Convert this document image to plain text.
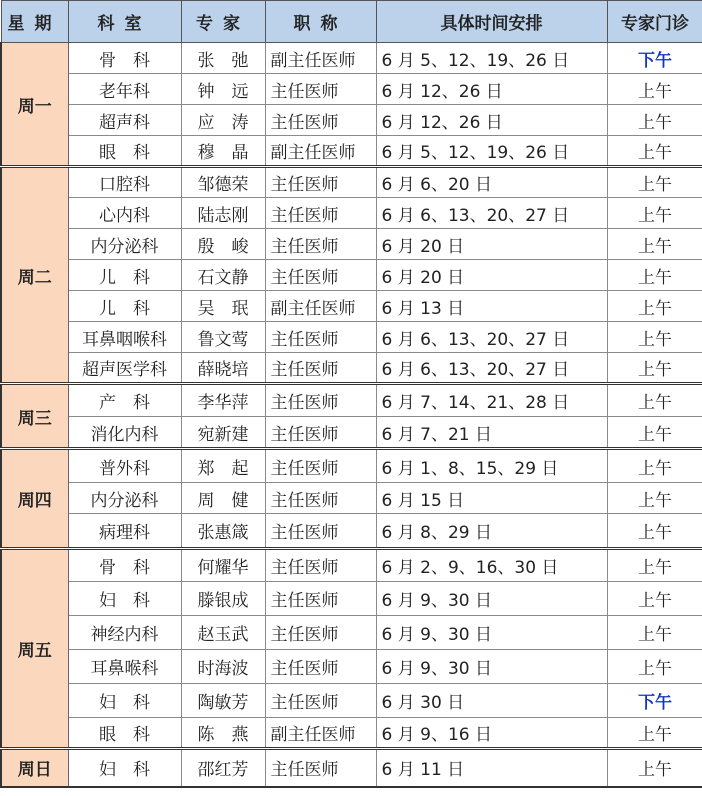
星期	科室	专家	职称	具体时间安排	专家门诊
周一	骨　科	张　弛	副主任医师	6 月 5、12、19、26 日	下午
	老年科	钟　远	主任医师	6 月 12、26 日	上午
	超声科	应　涛	主任医师	6 月 12、26 日	上午
	眼　科	穆　晶	副主任医师	6 月 5、12、19、26 日	上午
周二	口腔科	邹德荣	主任医师	6 月 6、20 日	上午
	心内科	陆志刚	主任医师	6 月 6、13、20、27 日	上午
	内分泌科	殷　峻	主任医师	6 月 20 日	上午
	儿　科	石文静	主任医师	6 月 20 日	上午
	儿　科	吴　珉	副主任医师	6 月 13 日	上午
	耳鼻咽喉科	鲁文莺	主任医师	6 月 6、13、20、27 日	上午
	超声医学科	薛晓培	主任医师	6 月 6、13、20、27 日	上午
周三	产　科	李华萍	主任医师	6 月 7、14、21、28 日	上午
	消化内科	宛新建	主任医师	6 月 7、21 日	上午
周四	普外科	郑　起	主任医师	6 月 1、8、15、29 日	上午
	内分泌科	周　健	主任医师	6 月 15 日	上午
	病理科	张惠箴	主任医师	6 月 8、29 日	上午
周五	骨　科	何耀华	主任医师	6 月 2、9、16、30 日	上午
	妇　科	滕银成	主任医师	6 月 9、30 日	上午
	神经内科	赵玉武	主任医师	6 月 9、30 日	上午
	耳鼻喉科	时海波	主任医师	6 月 9、30 日	上午
	妇　科	陶敏芳	主任医师	6 月 30 日	下午
	眼　科	陈　燕	副主任医师	6 月 9、16 日	上午
周日	妇　科	邵红芳	主任医师	6 月 11 日	上午
